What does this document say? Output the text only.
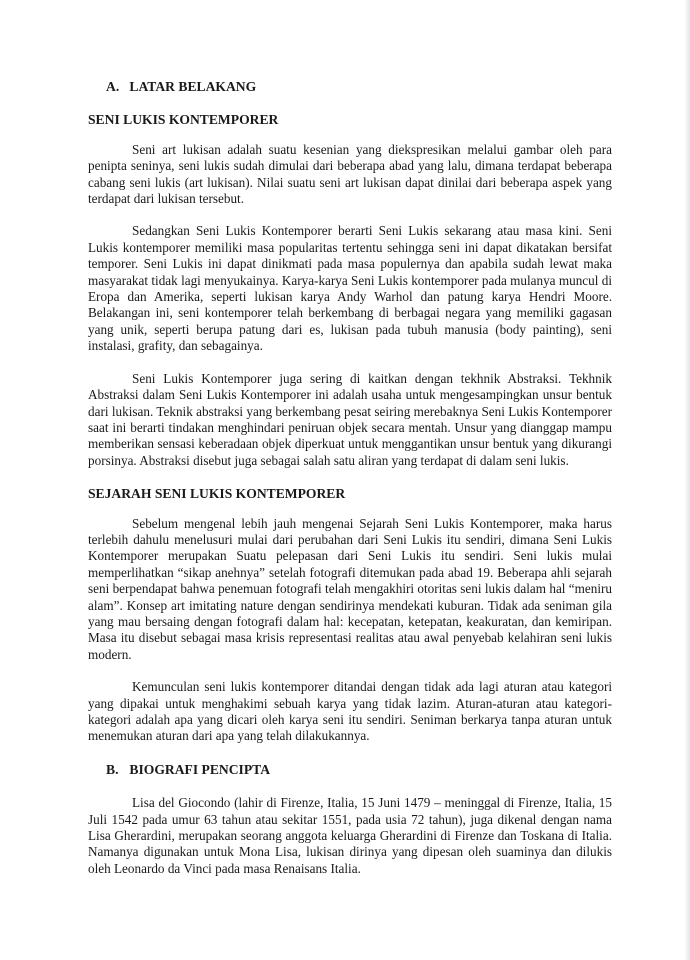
A. LATAR BELAKANG
SENI LUKIS KONTEMPORER

Seni art lukisan adalah suatu kesenian yang diekspresikan melalui gambar oleh para penipta seninya, seni lukis sudah dimulai dari beberapa abad yang lalu, dimana terdapat beberapa cabang seni lukis (art lukisan). Nilai suatu seni art lukisan dapat dinilai dari beberapa aspek yang terdapat dari lukisan tersebut.

Sedangkan Seni Lukis Kontemporer berarti Seni Lukis sekarang atau masa kini. Seni Lukis kontemporer memiliki masa popularitas tertentu sehingga seni ini dapat dikatakan bersifat temporer. Seni Lukis ini dapat dinikmati pada masa populernya dan apabila sudah lewat maka masyarakat tidak lagi menyukainya. Karya-karya Seni Lukis kontemporer pada mulanya muncul di Eropa dan Amerika, seperti lukisan karya Andy Warhol dan patung karya Hendri Moore. Belakangan ini, seni kontemporer telah berkembang di berbagai negara yang memiliki gagasan yang unik, seperti berupa patung dari es, lukisan pada tubuh manusia (body painting), seni instalasi, grafity, dan sebagainya.

Seni Lukis Kontemporer juga sering di kaitkan dengan tekhnik Abstraksi. Tekhnik Abstraksi dalam Seni Lukis Kontemporer ini adalah usaha untuk mengesampingkan unsur bentuk dari lukisan. Teknik abstraksi yang berkembang pesat seiring merebaknya Seni Lukis Kontemporer saat ini berarti tindakan menghindari peniruan objek secara mentah. Unsur yang dianggap mampu memberikan sensasi keberadaan objek diperkuat untuk menggantikan unsur bentuk yang dikurangi porsinya. Abstraksi disebut juga sebagai salah satu aliran yang terdapat di dalam seni lukis.

SEJARAH SENI LUKIS KONTEMPORER

Sebelum mengenal lebih jauh mengenai Sejarah Seni Lukis Kontemporer, maka harus terlebih dahulu menelusuri mulai dari perubahan dari Seni Lukis itu sendiri, dimana Seni Lukis Kontemporer merupakan Suatu pelepasan dari Seni Lukis itu sendiri. Seni lukis mulai memperlihatkan “sikap anehnya” setelah fotografi ditemukan pada abad 19. Beberapa ahli sejarah seni berpendapat bahwa penemuan fotografi telah mengakhiri otoritas seni lukis dalam hal “meniru alam”. Konsep art imitating nature dengan sendirinya mendekati kuburan. Tidak ada seniman gila yang mau bersaing dengan fotografi dalam hal: kecepatan, ketepatan, keakuratan, dan kemiripan. Masa itu disebut sebagai masa krisis representasi realitas atau awal penyebab kelahiran seni lukis modern.

Kemunculan seni lukis kontemporer ditandai dengan tidak ada lagi aturan atau kategori yang dipakai untuk menghakimi sebuah karya yang tidak lazim. Aturan-aturan atau kategori-kategori adalah apa yang dicari oleh karya seni itu sendiri. Seniman berkarya tanpa aturan untuk menemukan aturan dari apa yang telah dilakukannya.

B. BIOGRAFI PENCIPTA

Lisa del Giocondo (lahir di Firenze, Italia, 15 Juni 1479 – meninggal di Firenze, Italia, 15 Juli 1542 pada umur 63 tahun atau sekitar 1551, pada usia 72 tahun), juga dikenal dengan nama Lisa Gherardini, merupakan seorang anggota keluarga Gherardini di Firenze dan Toskana di Italia. Namanya digunakan untuk Mona Lisa, lukisan dirinya yang dipesan oleh suaminya dan dilukis oleh Leonardo da Vinci pada masa Renaisans Italia.
